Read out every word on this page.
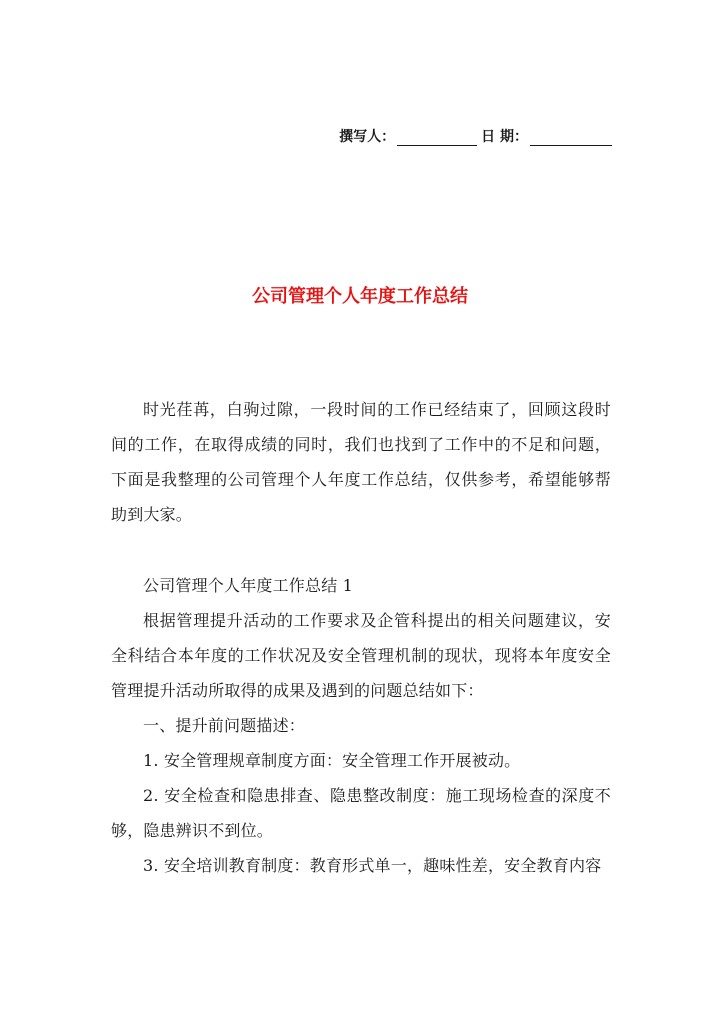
撰写人：	日 期：
公司管理个人年度工作总结

时光荏苒，白驹过隙，一段时间的工作已经结束了，回顾这段时间的工作，在取得成绩的同时，我们也找到了工作中的不足和问题，下面是我整理的公司管理个人年度工作总结，仅供参考，希望能够帮助到大家。

公司管理个人年度工作总结 1

根据管理提升活动的工作要求及企管科提出的相关问题建议，安全科结合本年度的工作状况及安全管理机制的现状，现将本年度安全管理提升活动所取得的成果及遇到的问题总结如下：

一、提升前问题描述：

1. 安全管理规章制度方面：安全管理工作开展被动。

2. 安全检查和隐患排查、隐患整改制度：施工现场检查的深度不够，隐患辨识不到位。

3. 安全培训教育制度：教育形式单一，趣味性差，安全教育内容
